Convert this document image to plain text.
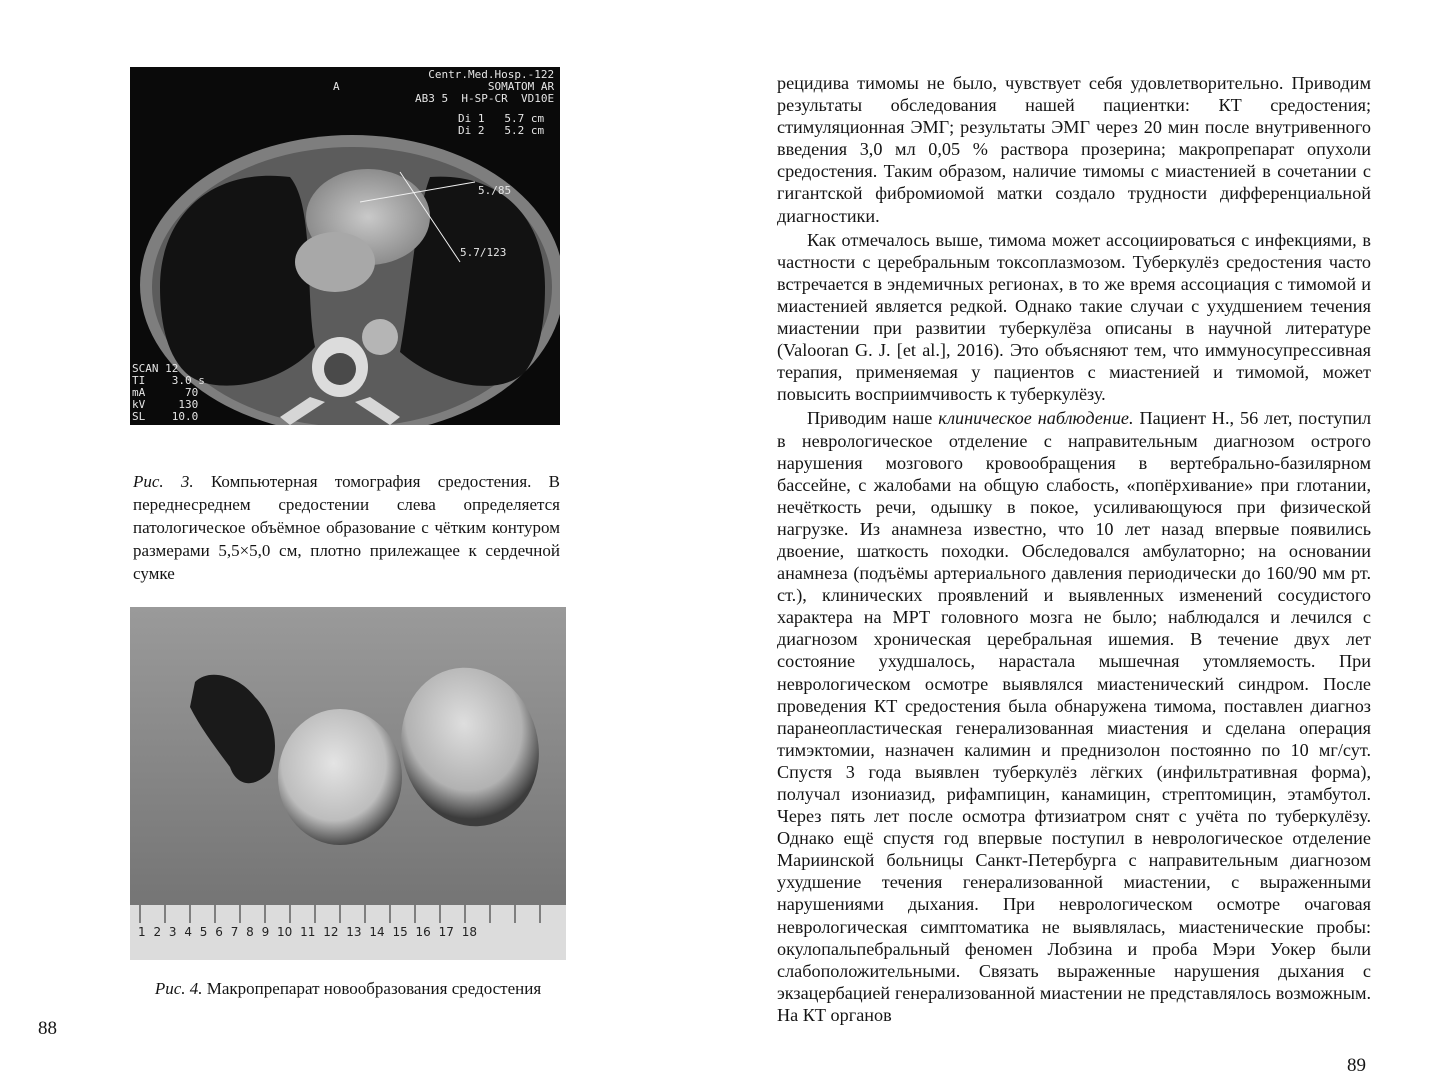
Centr.Med.Hosp.-122
SOMATOM AR
AB3 5  H-SP-CR  VD10E
A
Di 1   5.7 cm
Di 2   5.2 cm
5./85
5.7/123
SCAN 12
TI    3.0 s
mA      70
kV     130
SL    10.0
Рис. 3. Компьютерная томография средостения. В переднесреднем средостении слева определяется патологическое объёмное образование с чётким контуром размерами 5,5×5,0 см, плотно прилежащее к сердечной сумке
1 2 3 4 5 6 7 8 9 10 11 12 13 14 15 16 17 18
Рис. 4. Макропрепарат новообразования средостения
88

рецидива тимомы не было, чувствует себя удовлетворительно. Приводим результаты обследования нашей пациентки: КТ средостения; стимуляционная ЭМГ; результаты ЭМГ через 20 мин после внутривенного введения 3,0 мл 0,05 % раствора прозерина; макропрепарат опухоли средостения. Таким образом, наличие тимомы с миастенией в сочетании с гигантской фибромиомой матки создало трудности дифференциальной диагностики.

Как отмечалось выше, тимома может ассоциироваться с инфекциями, в частности с церебральным токсоплазмозом. Туберкулёз средостения часто встречается в эндемичных регионах, в то же время ассоциация с тимомой и миастенией является редкой. Однако такие случаи с ухудшением течения миастении при развитии туберкулёза описаны в научной литературе (Valooran G. J. [et al.], 2016). Это объясняют тем, что иммуносупрессивная терапия, применяемая у пациентов с миастенией и тимомой, может повысить восприимчивость к туберкулёзу.

Приводим наше клиническое наблюдение. Пациент Н., 56 лет, поступил в неврологическое отделение с направительным диагнозом острого нарушения мозгового кровообращения в вертебрально-базилярном бассейне, с жалобами на общую слабость, «попёрхивание» при глотании, нечёткость речи, одышку в покое, усиливающуюся при физической нагрузке. Из анамнеза известно, что 10 лет назад впервые появились двоение, шаткость походки. Обследовался амбулаторно; на основании анамнеза (подъёмы артериального давления периодически до 160/90 мм рт. ст.), клинических проявлений и выявленных изменений сосудистого характера на МРТ головного мозга не было; наблюдался и лечился с диагнозом хроническая церебральная ишемия. В течение двух лет состояние ухудшалось, нарастала мышечная утомляемость. При неврологическом осмотре выявлялся миастенический синдром. После проведения КТ средостения была обнаружена тимома, поставлен диагноз паранеопластическая генерализованная миастения и сделана операция тимэктомии, назначен калимин и преднизолон постоянно по 10 мг/сут. Спустя 3 года выявлен туберкулёз лёгких (инфильтративная форма), получал изониазид, рифампицин, канамицин, стрептомицин, этамбутол. Через пять лет после осмотра фтизиатром снят с учёта по туберкулёзу. Однако ещё спустя год впервые поступил в неврологическое отделение Мариинской больницы Санкт-Петербурга с направительным диагнозом ухудшение течения генерализованной миастении, с выраженными нарушениями дыхания. При неврологическом осмотре очаговая неврологическая симптоматика не выявлялась, миастенические пробы: окулопальпебральный феномен Лобзина и проба Мэри Уокер были слабоположительными. Связать выраженные нарушения дыхания с экзацербацией генерализованной миастении не представлялось возможным. На КТ органов

89
